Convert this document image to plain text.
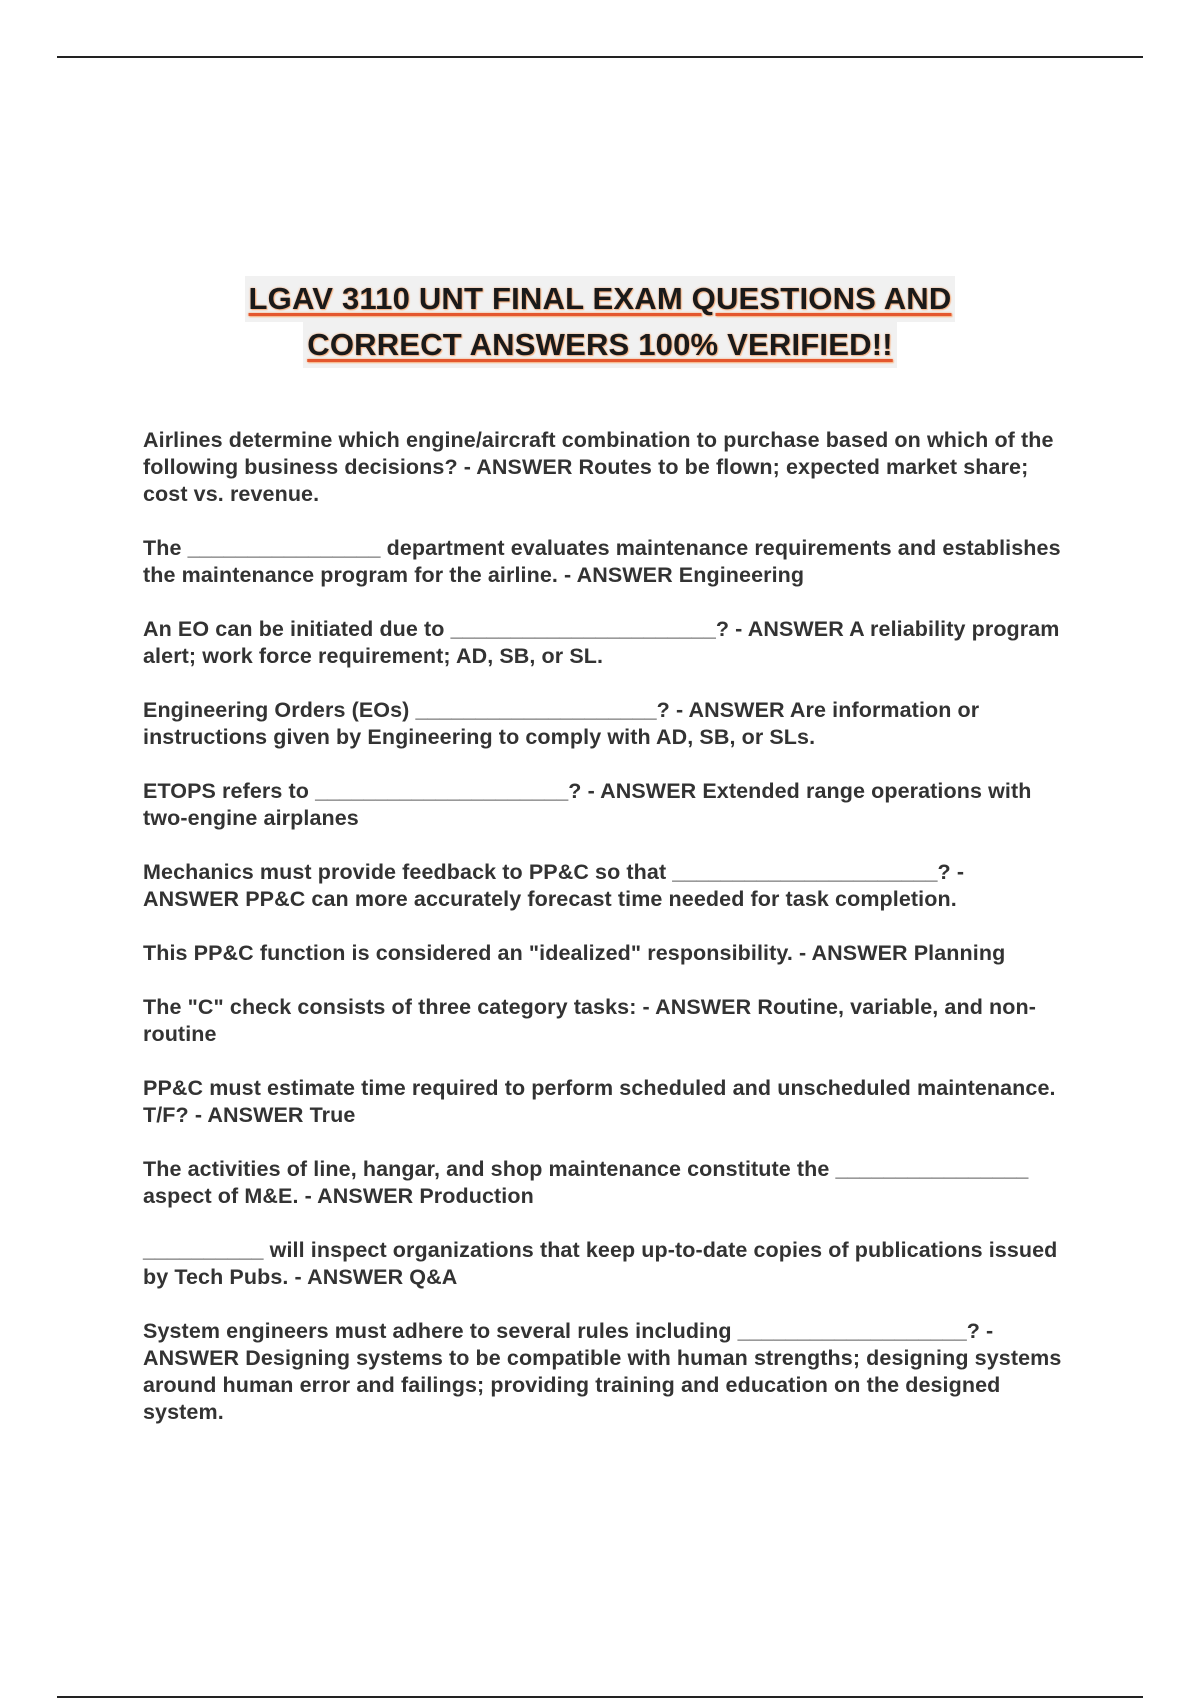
LGAV 3110 UNT FINAL EXAM QUESTIONS AND
CORRECT ANSWERS 100% VERIFIED!!

Airlines determine which engine/aircraft combination to purchase based on which of the following business decisions? - ANSWER Routes to be flown; expected market share; cost vs. revenue.

The ________________ department evaluates maintenance requirements and establishes the maintenance program for the airline. - ANSWER Engineering

An EO can be initiated due to ______________________? - ANSWER A reliability program alert; work force requirement; AD, SB, or SL.

Engineering Orders (EOs) ____________________? - ANSWER Are information or instructions given by Engineering to comply with AD, SB, or SLs.

ETOPS refers to _____________________? - ANSWER Extended range operations with two-engine airplanes

Mechanics must provide feedback to PP&C so that ______________________? - ANSWER PP&C can more accurately forecast time needed for task completion.

This PP&C function is considered an "idealized" responsibility. - ANSWER Planning

The "C" check consists of three category tasks: - ANSWER Routine, variable, and non-routine

PP&C must estimate time required to perform scheduled and unscheduled maintenance. T/F? - ANSWER True

The activities of line, hangar, and shop maintenance constitute the ________________ aspect of M&E. - ANSWER Production

__________ will inspect organizations that keep up-to-date copies of publications issued by Tech Pubs. - ANSWER Q&A

System engineers must adhere to several rules including ___________________? - ANSWER Designing systems to be compatible with human strengths; designing systems around human error and failings; providing training and education on the designed system.
